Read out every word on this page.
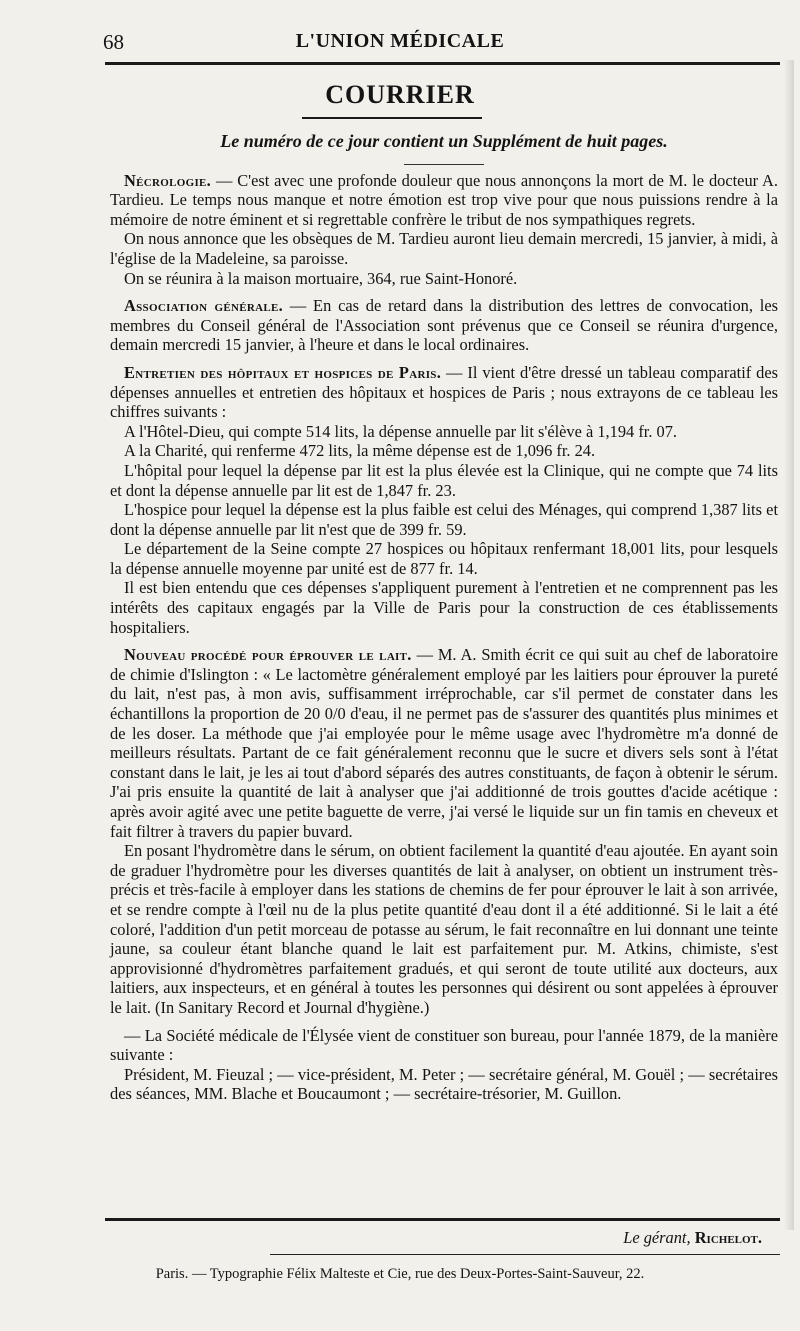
68	L'UNION MÉDICALE
COURRIER

Le numéro de ce jour contient un Supplément de huit pages.

Nécrologie. — C'est avec une profonde douleur que nous annonçons la mort de M. le docteur A. Tardieu. Le temps nous manque et notre émotion est trop vive pour que nous puissions rendre à la mémoire de notre éminent et si regrettable confrère le tribut de nos sympathiques regrets.

On nous annonce que les obsèques de M. Tardieu auront lieu demain mercredi, 15 janvier, à midi, à l'église de la Madeleine, sa paroisse.

On se réunira à la maison mortuaire, 364, rue Saint-Honoré.

Association générale. — En cas de retard dans la distribution des lettres de convocation, les membres du Conseil général de l'Association sont prévenus que ce Conseil se réunira d'urgence, demain mercredi 15 janvier, à l'heure et dans le local ordinaires.

Entretien des hôpitaux et hospices de Paris. — Il vient d'être dressé un tableau comparatif des dépenses annuelles et entretien des hôpitaux et hospices de Paris ; nous extrayons de ce tableau les chiffres suivants :

A l'Hôtel-Dieu, qui compte 514 lits, la dépense annuelle par lit s'élève à 1,194 fr. 07.

A la Charité, qui renferme 472 lits, la même dépense est de 1,096 fr. 24.

L'hôpital pour lequel la dépense par lit est la plus élevée est la Clinique, qui ne compte que 74 lits et dont la dépense annuelle par lit est de 1,847 fr. 23.

L'hospice pour lequel la dépense est la plus faible est celui des Ménages, qui comprend 1,387 lits et dont la dépense annuelle par lit n'est que de 399 fr. 59.

Le département de la Seine compte 27 hospices ou hôpitaux renfermant 18,001 lits, pour lesquels la dépense annuelle moyenne par unité est de 877 fr. 14.

Il est bien entendu que ces dépenses s'appliquent purement à l'entretien et ne comprennent pas les intérêts des capitaux engagés par la Ville de Paris pour la construction de ces établissements hospitaliers.

Nouveau procédé pour éprouver le lait. — M. A. Smith écrit ce qui suit au chef de laboratoire de chimie d'Islington : « Le lactomètre généralement employé par les laitiers pour éprouver la pureté du lait, n'est pas, à mon avis, suffisamment irréprochable, car s'il permet de constater dans les échantillons la proportion de 20 0/0 d'eau, il ne permet pas de s'assurer des quantités plus minimes et de les doser. La méthode que j'ai employée pour le même usage avec l'hydromètre m'a donné de meilleurs résultats. Partant de ce fait généralement reconnu que le sucre et divers sels sont à l'état constant dans le lait, je les ai tout d'abord séparés des autres constituants, de façon à obtenir le sérum. J'ai pris ensuite la quantité de lait à analyser que j'ai additionné de trois gouttes d'acide acétique : après avoir agité avec une petite baguette de verre, j'ai versé le liquide sur un fin tamis en cheveux et fait filtrer à travers du papier buvard.

En posant l'hydromètre dans le sérum, on obtient facilement la quantité d'eau ajoutée. En ayant soin de graduer l'hydromètre pour les diverses quantités de lait à analyser, on obtient un instrument très-précis et très-facile à employer dans les stations de chemins de fer pour éprouver le lait à son arrivée, et se rendre compte à l'œil nu de la plus petite quantité d'eau dont il a été additionné. Si le lait a été coloré, l'addition d'un petit morceau de potasse au sérum, le fait reconnaître en lui donnant une teinte jaune, sa couleur étant blanche quand le lait est parfaitement pur. M. Atkins, chimiste, s'est approvisionné d'hydromètres parfaitement gradués, et qui seront de toute utilité aux docteurs, aux laitiers, aux inspecteurs, et en général à toutes les personnes qui désirent ou sont appelées à éprouver le lait. (In Sanitary Record et Journal d'hygiène.)

— La Société médicale de l'Élysée vient de constituer son bureau, pour l'année 1879, de la manière suivante :

Président, M. Fieuzal ; — vice-président, M. Peter ; — secrétaire général, M. Gouël ; — secrétaires des séances, MM. Blache et Boucaumont ; — secrétaire-trésorier, M. Guillon.

Le gérant, Richelot.
Paris. — Typographie Félix Malteste et Cie, rue des Deux-Portes-Saint-Sauveur, 22.
